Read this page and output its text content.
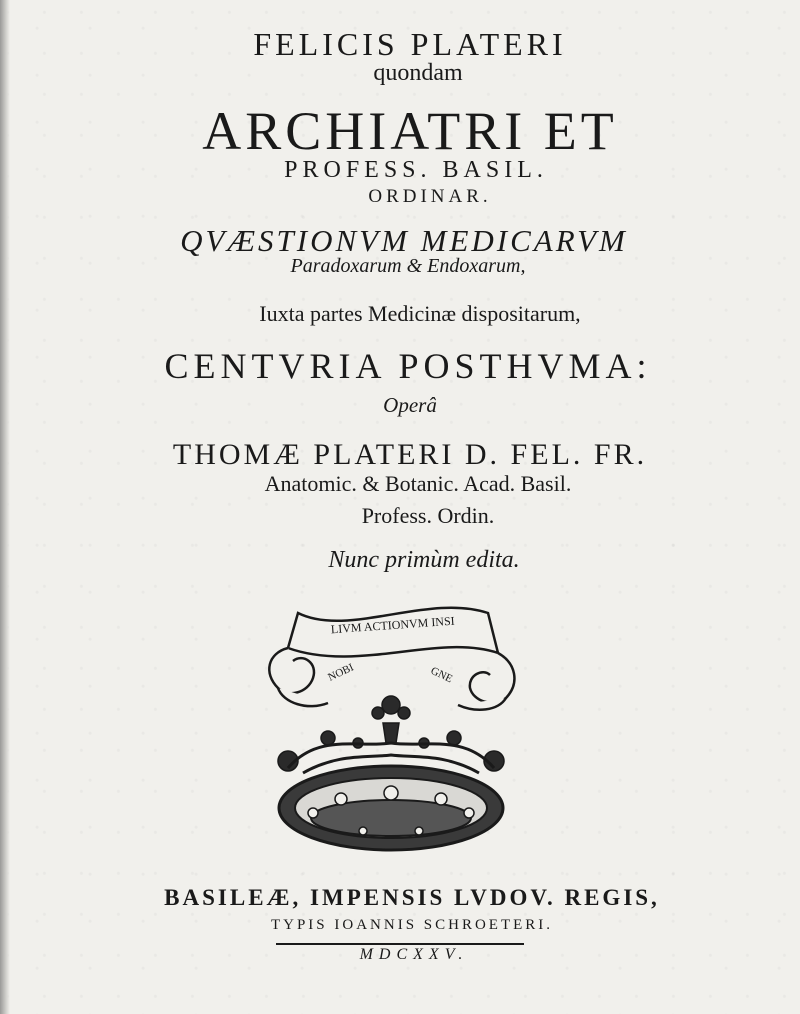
FELICIS PLATERI
quondam
ARCHIATRI ET
PROFESS. BASIL.
ORDINAR.
QVÆSTIONVM MEDICARVM
Paradoxarum & Endoxarum,
Iuxta partes Medicinæ dispositarum,
CENTVRIA POSTHVMA:
Operâ
THOMÆ PLATERI D. FEL. FR.
Anatomic. & Botanic. Acad. Basil.
Profess. Ordin.
Nunc primùm edita.
LIVM ACTIONVM INSI
NOBI	GNE
BASILEÆ, IMPENSIS LVDOV. REGIS,
TYPIS IOANNIS SCHROETERI.
MDCXXV.
